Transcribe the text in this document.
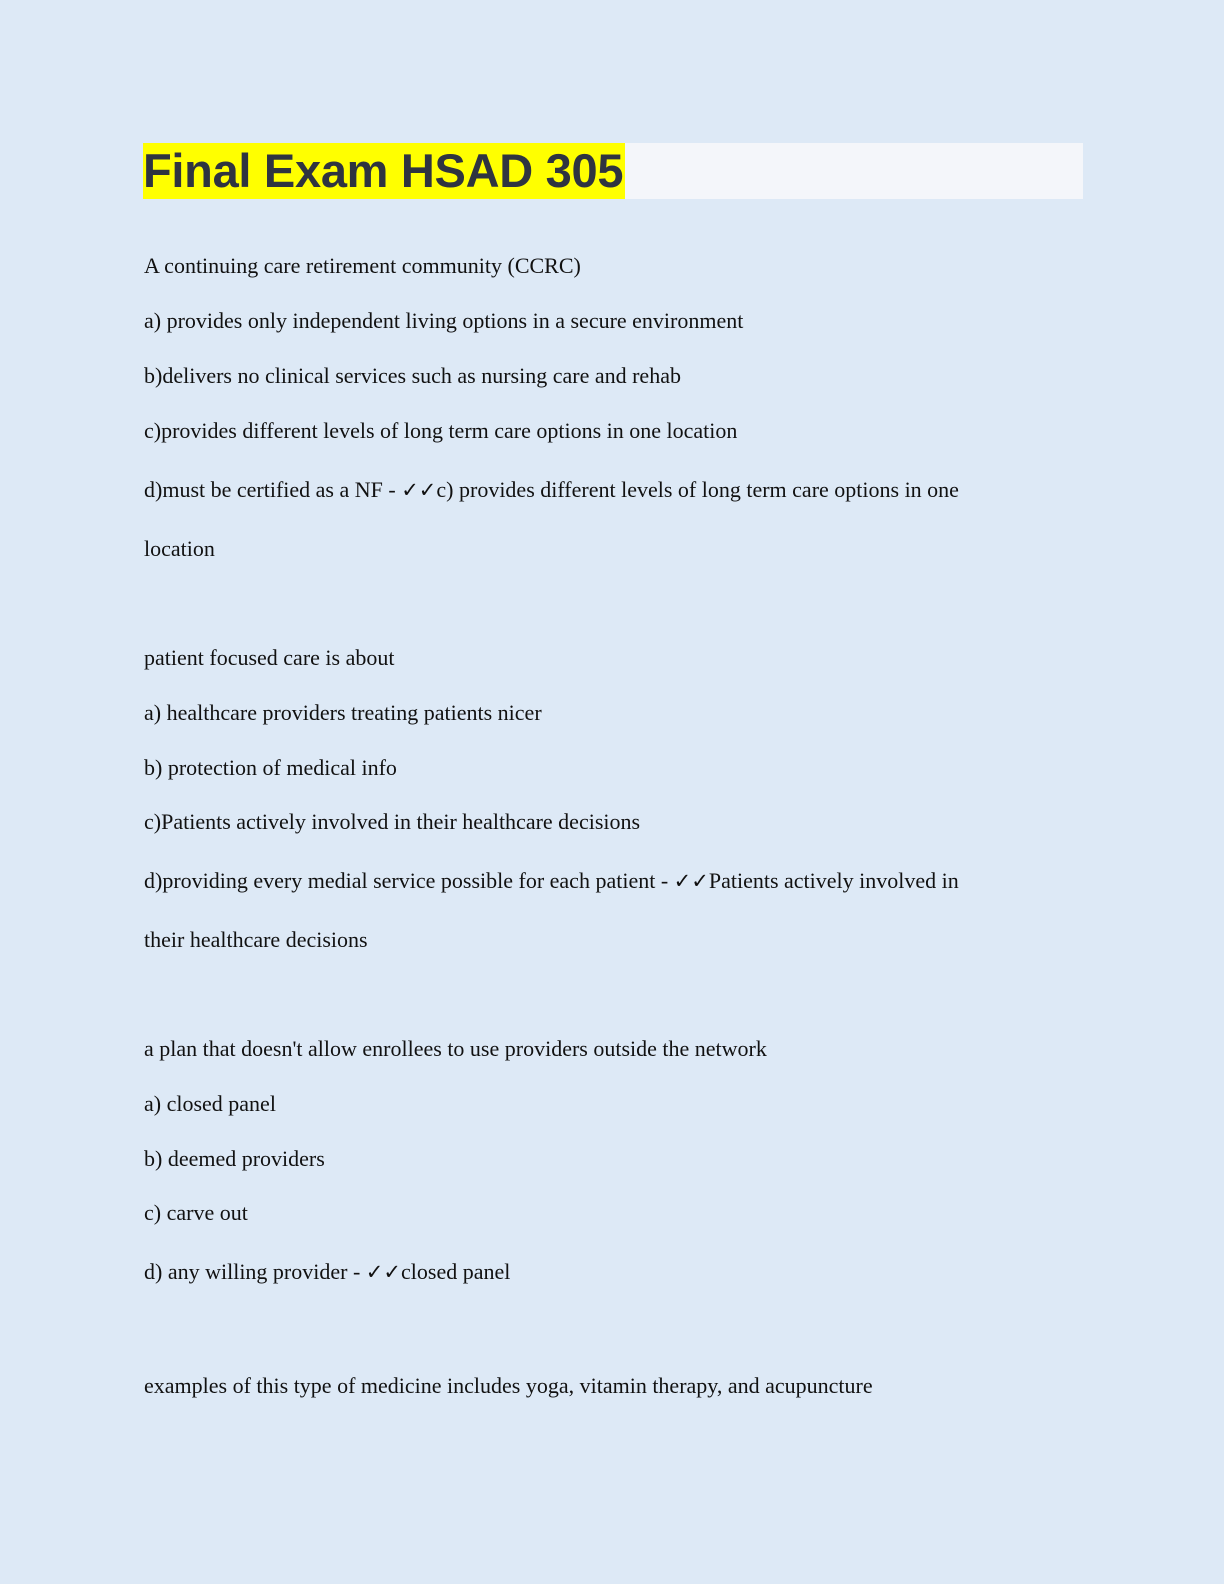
Final Exam HSAD 305
A continuing care retirement community (CCRC)
a) provides only independent living options in a secure environment
b)delivers no clinical services such as nursing care and rehab
c)provides different levels of long term care options in one location
d)must be certified as a NF - ✓✓c) provides different levels of long term care options in one
location
patient focused care is about
a) healthcare providers treating patients nicer
b) protection of medical info
c)Patients actively involved in their healthcare decisions
d)providing every medial service possible for each patient - ✓✓Patients actively involved in
their healthcare decisions
a plan that doesn't allow enrollees to use providers outside the network
a) closed panel
b) deemed providers
c) carve out
d) any willing provider - ✓✓closed panel
examples of this type of medicine includes yoga, vitamin therapy, and acupuncture
